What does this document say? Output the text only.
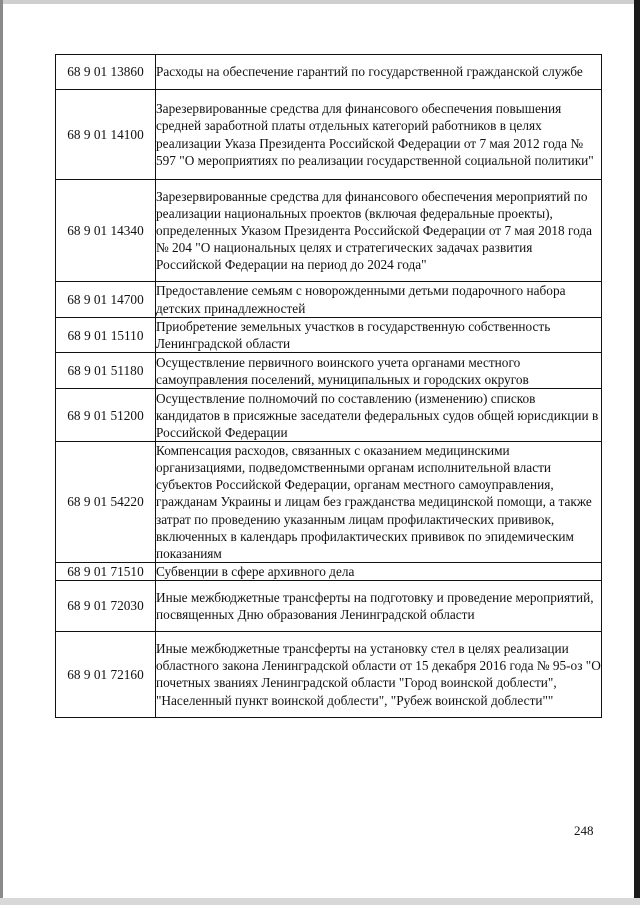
68 9 01 13860	Расходы на обеспечение гарантий по государственной гражданской службе
68 9 01 14100	Зарезервированные средства для финансового обеспечения повышения средней заработной платы отдельных категорий работников в целях реализации Указа Президента Российской Федерации от 7 мая 2012 года № 597 "О мероприятиях по реализации государственной социальной политики"
68 9 01 14340	Зарезервированные средства для финансового обеспечения мероприятий по реализации национальных проектов (включая федеральные проекты), определенных Указом Президента Российской Федерации от 7 мая 2018 года № 204 "О национальных целях и стратегических задачах развития Российской Федерации на период до 2024 года"
68 9 01 14700	Предоставление семьям с новорожденными детьми подарочного набора детских принадлежностей
68 9 01 15110	Приобретение земельных участков в государственную собственность Ленинградской области
68 9 01 51180	Осуществление первичного воинского учета органами местного самоуправления поселений, муниципальных и городских округов
68 9 01 51200	Осуществление полномочий по составлению (изменению) списков кандидатов в присяжные заседатели федеральных судов общей юрисдикции в Российской Федерации
68 9 01 54220	Компенсация расходов, связанных с оказанием медицинскими организациями, подведомственными органам исполнительной власти субъектов Российской Федерации, органам местного самоуправления, гражданам Украины и лицам без гражданства медицинской помощи, а также затрат по проведению указанным лицам профилактических прививок, включенных в календарь профилактических прививок по эпидемическим показаниям
68 9 01 71510	Субвенции в сфере архивного дела
68 9 01 72030	Иные межбюджетные трансферты на подготовку и проведение мероприятий, посвященных Дню образования Ленинградской области
68 9 01 72160	Иные межбюджетные трансферты на установку стел в целях реализации областного закона Ленинградской области от 15 декабря 2016 года № 95-оз "О почетных званиях Ленинградской области "Город воинской доблести", "Населенный пункт воинской доблести", "Рубеж воинской доблести""
248
